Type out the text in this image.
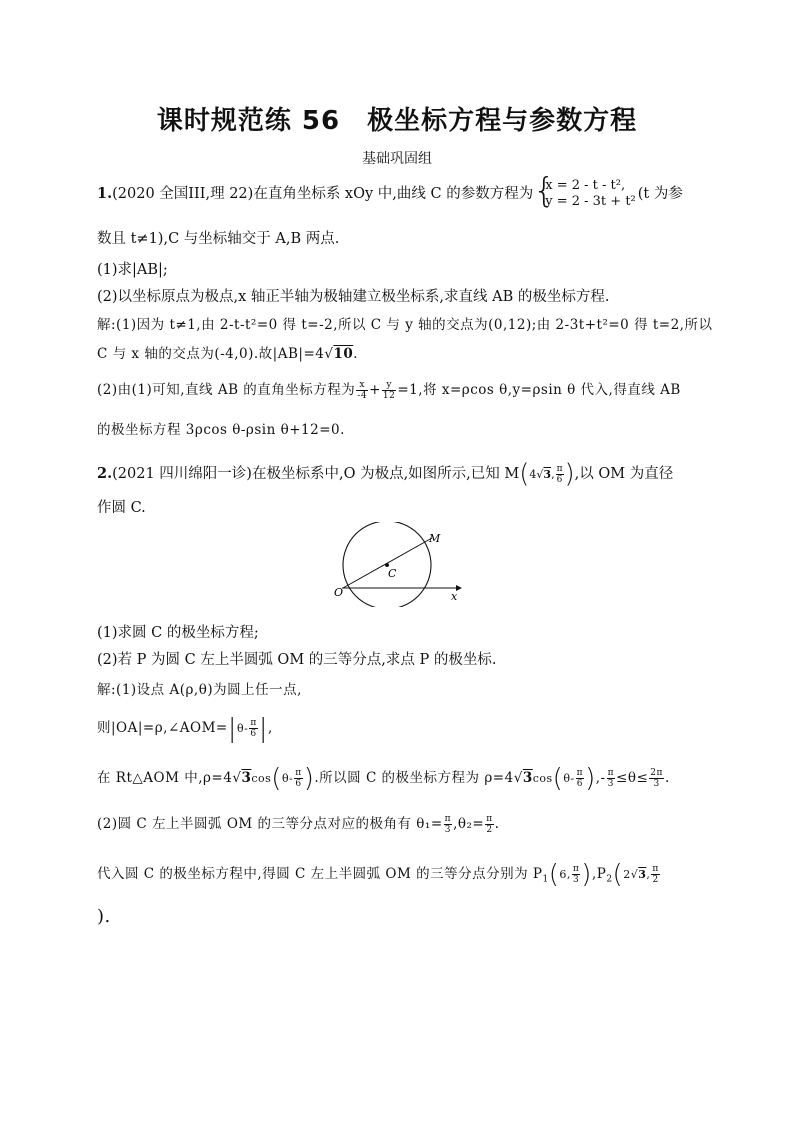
课时规范练 56　极坐标方程与参数方程
基础巩固组
1.(2020 全国III,理 22)在直角坐标系 xOy 中,曲线 C 的参数方程为 {
x = 2 - t - t²,
y = 2 - 3t + t² (t 为参
数且 t≠1),C 与坐标轴交于 A,B 两点.
(1)求|AB|;
(2)以坐标原点为极点,x 轴正半轴为极轴建立极坐标系,求直线 AB 的极坐标方程.
解:(1)因为 t≠1,由 2-t-t²=0 得 t=-2,所以 C 与 y 轴的交点为(0,12);由 2-3t+t²=0 得 t=2,所以
C 与 x 轴的交点为(-4,0).故|AB|=4√10.
(2)由(1)可知,直线 AB 的直角坐标方程为 $\frac{x}{-4} + \frac{y}{12} =1$,将 x=ρcos θ,y=ρsin θ 代入,得直线 AB
的极坐标方程 3ρcos θ-ρsin θ+12=0.
2.(2021 四川绵阳一诊)在极坐标系中,O 为极点,如图所示,已知 M(4√3, $\frac{\pi}{6}$ ),以 OM 为直径
作圆 C.
M
C
O	x
(1)求圆 C 的极坐标方程;
(2)若 P 为圆 C 左上半圆弧 OM 的三等分点,求点 P 的极坐标.
解:(1)设点 A(ρ,θ)为圆上任一点,
则|OA|=ρ,∠AOM=|θ- $\frac{\pi}{6}$ |,
在 Rt△AOM 中$,\rho=4√3\cos(\theta- \frac{\pi}{6}$ ).所以圆 C 的极坐标方程为 $\rho=4√3\cos(\theta- \frac{\pi}{6}$ ),- $\frac{\pi}{3} \le\theta\le \frac{2\pi}{3}$ .
(2)圆 C 左上半圆弧 OM 的三等分点对应的极角有 $\theta_1= \frac{\pi}{3} ,\theta_2= \frac{\pi}{2}$ .
代入圆 C 的极坐标方程中,得圆 C 左上半圆弧 OM 的三等分点分别为 $P_1(6$, $\frac{\pi}{3} ),P_2(2√3$, $\frac{\pi}{2}$
).
